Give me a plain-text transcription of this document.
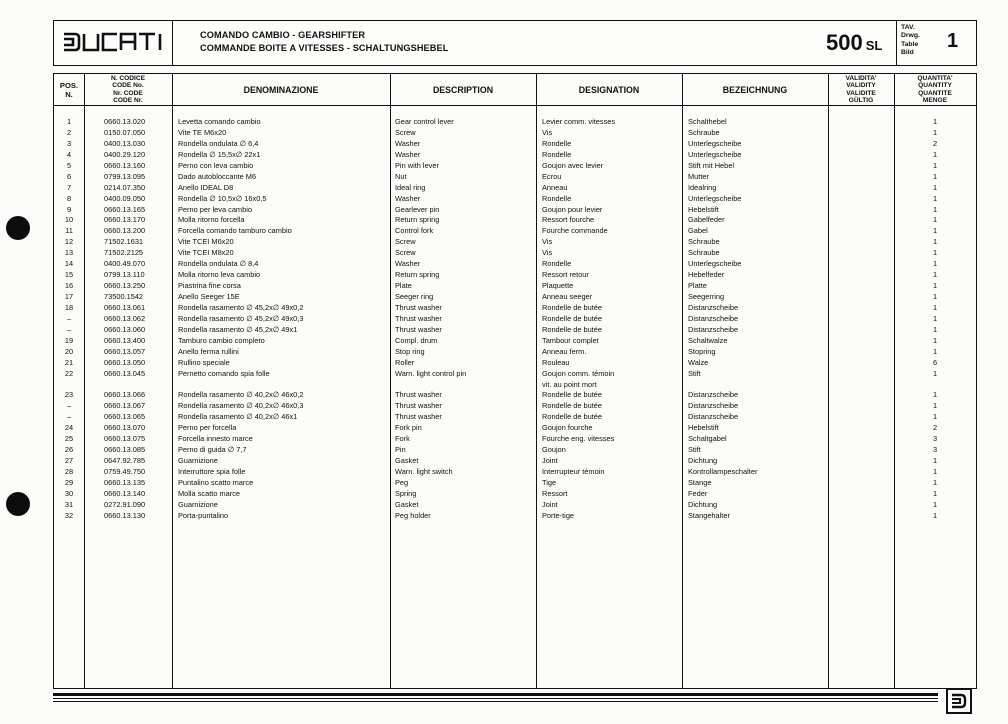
COMANDO CAMBIO - GEARSHIFTER
COMMANDE BOITE A VITESSES - SCHALTUNGSHEBEL	500 SL
TAV.
Drwg.
Table
Bild
1
POS.
N.
N. CODICE
CODE No.
Nr. CODE
CODE Nr.
DENOMINAZIONE	DESCRIPTION	DESIGNATION	BEZEICHNUNG
VALIDITA'
VALIDITY
VALIDITE
GÜLTIG
QUANTITA'
QUANTITY
QUANTITE
MENGE
1	0660.13.020	Levetta comando cambio	Gear control lever	Levier comm. vitesses	Schalthebel	1
2	0150.07.050	Vite TE M6x20	Screw	Vis	Schraube	1
3	0400.13.030	Rondella ondulata ∅ 6,4	Washer	Rondelle	Unterlegscheibe	2
4	0400.29.120	Rondella ∅ 15,5x∅ 22x1	Washer	Rondelle	Unterlegscheibe	1
5	0660.13.160	Perno con leva cambio	Pin with lever	Goujon avec levier	Stift mit Hebel	1
6	0799.13.095	Dado autobloccante M6	Nut	Ecrou	Mutter	1
7	0214.07.350	Anello IDEAL D8	Ideal ring	Anneau	Idealring	1
8	0400.09.050	Rondella ∅ 10,5x∅ 16x0,5	Washer	Rondelle	Unterlegscheibe	1
9	0660.13.165	Perno per leva cambio	Gearlever pin	Goujon pour levier	Hebelstift	1
10	0660.13.170	Molla ritorno forcella	Return spring	Ressort fourche	Gabelfeder	1
11	0660.13.200	Forcella comando tamburo cambio	Control fork	Fourche commande	Gabel	1
12	71502.1631	Vite TCEI M6x20	Screw	Vis	Schraube	1
13	71502.2125	Vite TCEI M8x20	Screw	Vis	Schraube	1
14	0400.49.070	Rondella ondulata ∅ 8,4	Washer	Rondelle	Unterlegscheibe	1
15	0799.13.110	Molla ritorno leva cambio	Return spring	Ressort retour	Hebelfeder	1
16	0660.13.250	Piastrina fine corsa	Plate	Plaquette	Platte	1
17	73500.1542	Anello Seeger 15E	Seeger ring	Anneau seeger	Seegerring	1
18	0660.13.061	Rondella rasamento ∅ 45,2x∅ 49x0,2	Thrust washer	Rondelle de butée	Distanzscheibe	1
–	0660.13.062	Rondella rasamento ∅ 45,2x∅ 49x0,3	Thrust washer	Rondelle de butée	Distanzscheibe	1
–	0660.13.060	Rondella rasamento ∅ 45,2x∅ 49x1	Thrust washer	Rondelle de butée	Distanzscheibe	1
19	0660.13.400	Tamburo cambio completo	Compl. drum	Tambour complet	Schaltwalze	1
20	0660.13.057	Anello ferma rullini	Stop ring	Anneau ferm.	Stopring	1
21	0660.13.050	Rullino speciale	Roller	Rouleau	Walze	6
22	0660.13.045	Pernetto comando spia folle	Warn. light control pin	Goujon comm. témoin	Stift	1
vit. au point mort
23	0660.13.066	Rondella rasamento ∅ 40,2x∅ 46x0,2	Thrust washer	Rondelle de butée	Distanzscheibe	1
–	0660.13.067	Rondella rasamento ∅ 40,2x∅ 46x0,3	Thrust washer	Rondelle de butée	Distanzscheibe	1
–	0660.13.065	Rondella rasamento ∅ 40,2x∅ 46x1	Thrust washer	Rondelle de butée	Distanzscheibe	1
24	0660.13.070	Perno per forcella	Fork pin	Goujon fourche	Hebelstift	2
25	0660.13.075	Forcella innesto marce	Fork	Fourche eng. vitesses	Schaltgabel	3
26	0660.13.085	Perno di guida ∅ 7,7	Pin	Goujon	Stift	3
27	0647.92.785	Guarnizione	Gasket	Joint	Dichtung	1
28	0759.49.750	Interruttore spia folle	Warn. light switch	Interrupteur témoin	Kontrollampeschalter	1
29	0660.13.135	Puntalino scatto marce	Peg	Tige	Stange	1
30	0660.13.140	Molla scatto marce	Spring	Ressort	Feder	1
31	0272.91.090	Guarnizione	Gasket	Joint	Dichtung	1
32	0660.13.130	Porta-puntalino	Peg holder	Porte-tige	Stangehalter	1
